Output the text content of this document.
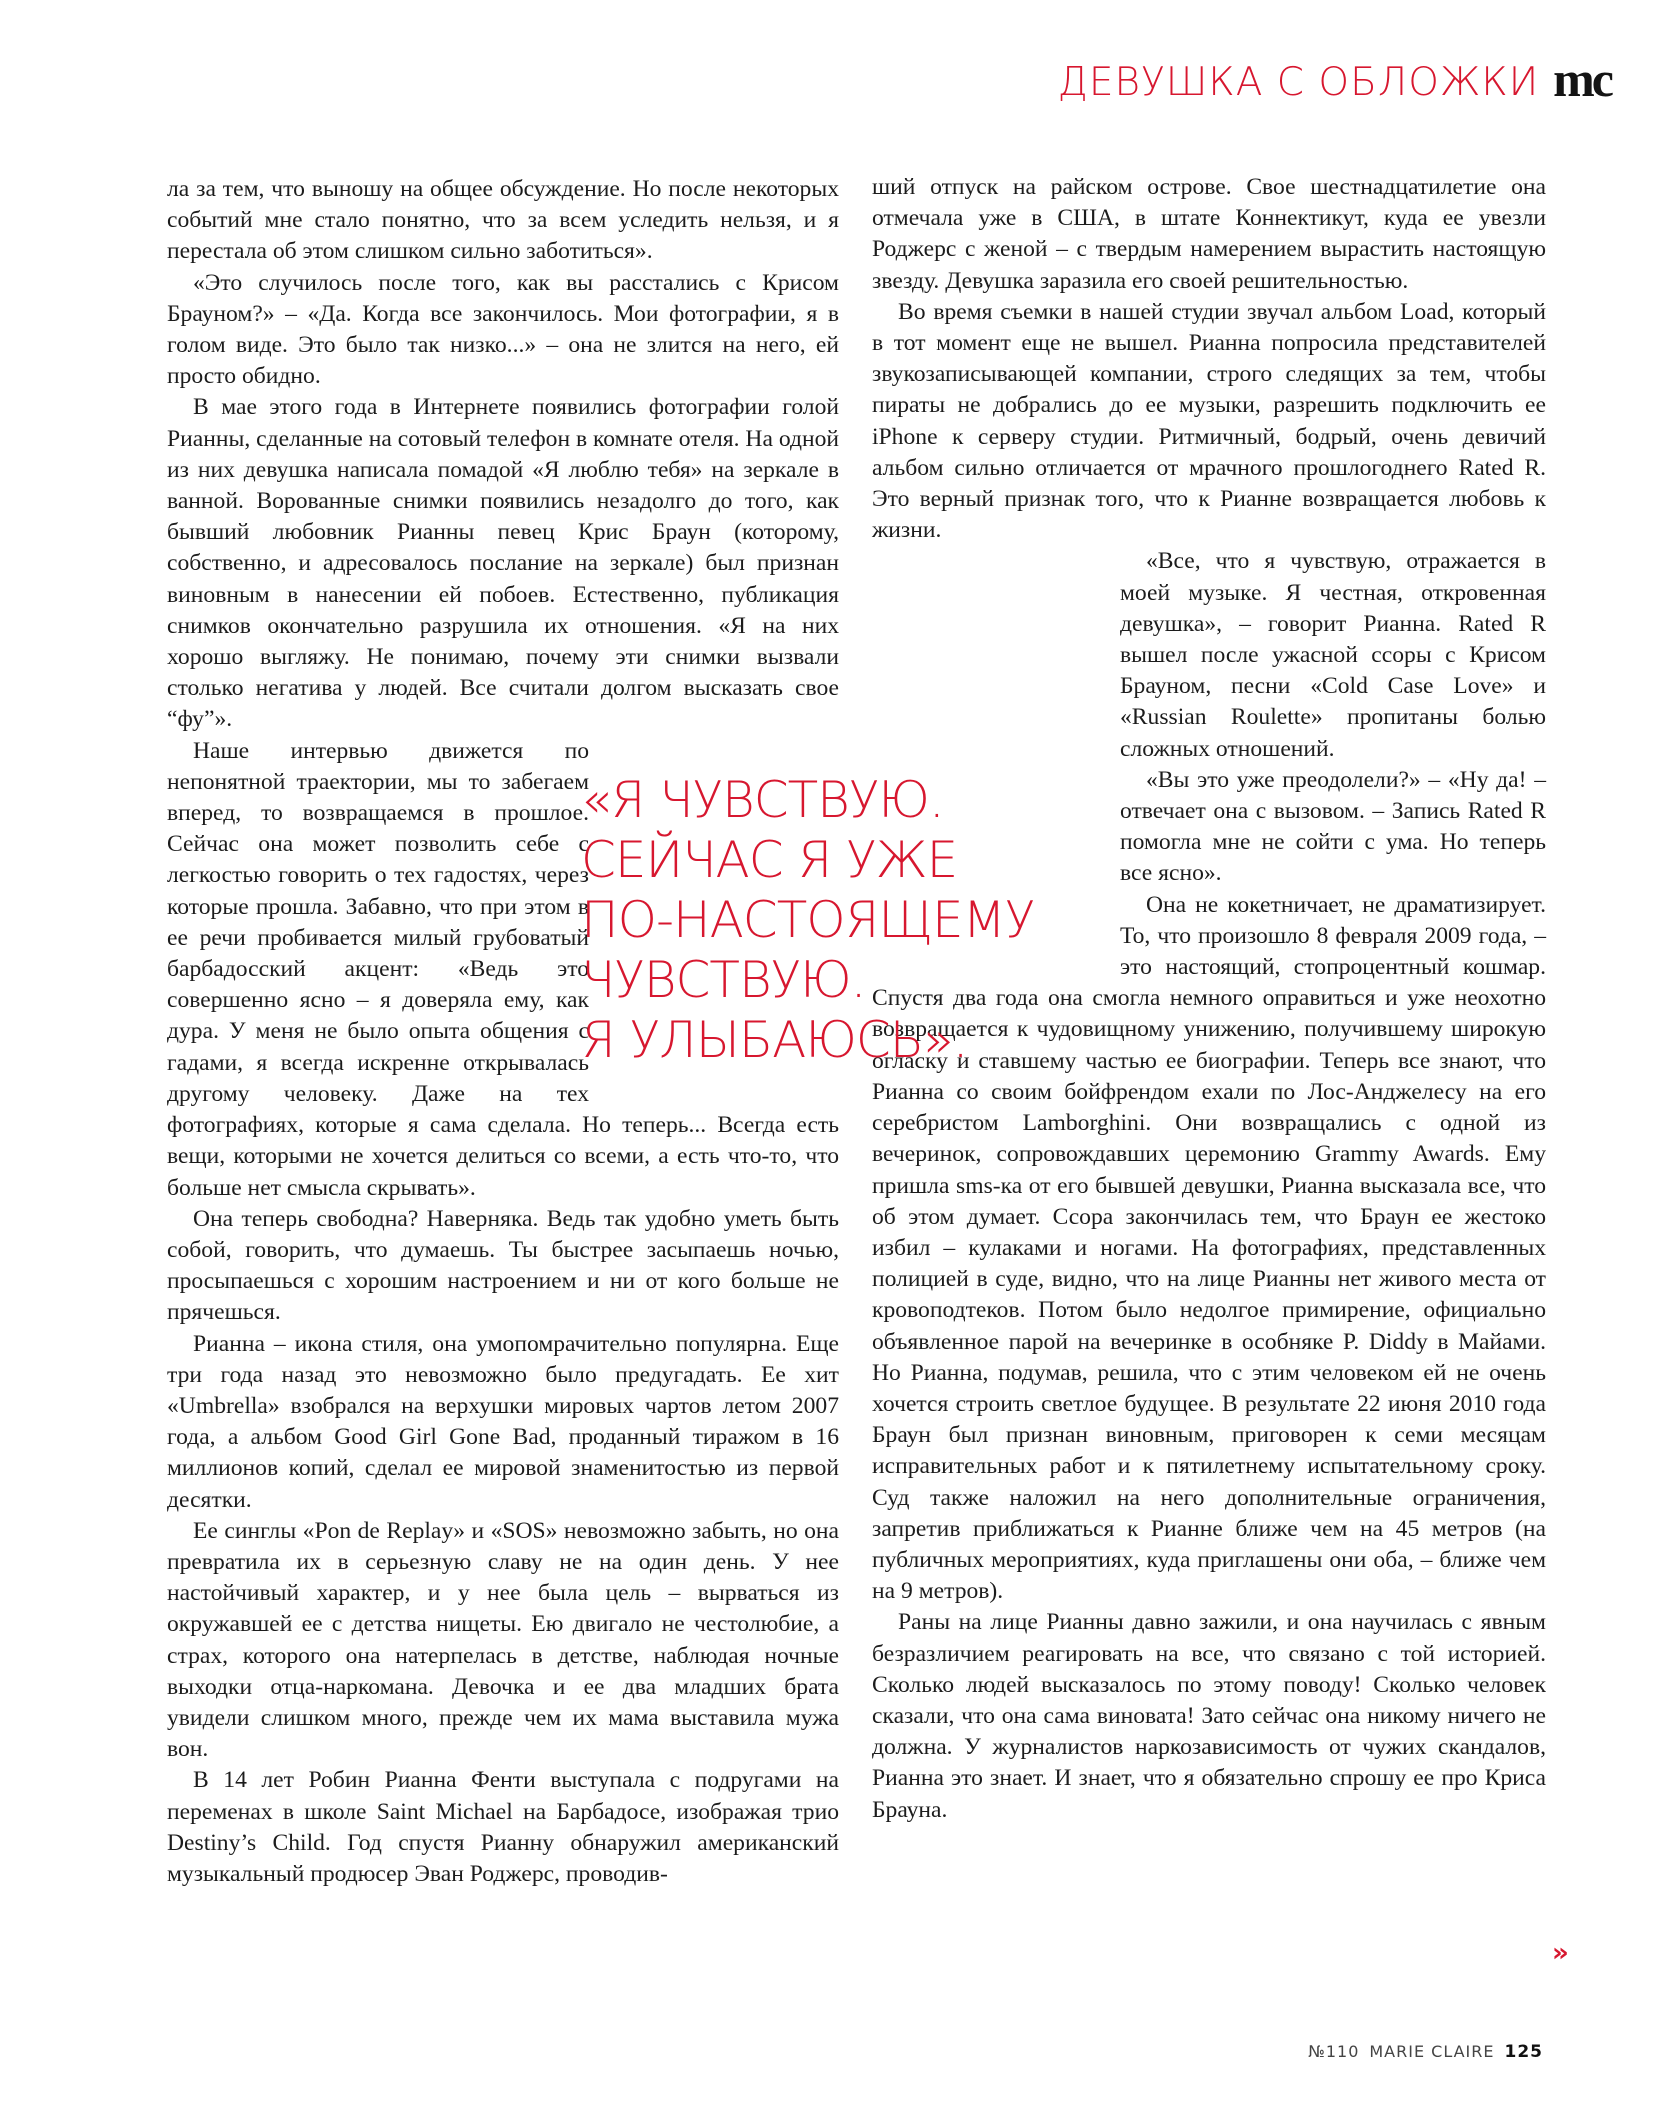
ДЕВУШКА С ОБЛОЖКИ mc

ла за тем, что выношу на общее обсуждение. Но после некоторых событий мне стало понятно, что за всем уследить нельзя, и я перестала об этом слишком сильно заботиться».

«Это случилось после того, как вы расстались с Крисом Брауном?» – «Да. Когда все закончилось. Мои фотографии, я в голом виде. Это было так низко...» – она не злится на него, ей просто обидно.

В мае этого года в Интернете появились фотографии голой Рианны, сделанные на сотовый телефон в комнате отеля. На одной из них девушка написала помадой «Я люблю тебя» на зеркале в ванной. Ворованные снимки появились незадолго до того, как бывший любовник Рианны певец Крис Браун (которому, собственно, и адресовалось послание на зеркале) был признан виновным в нанесении ей побоев. Естественно, публикация снимков окончательно разрушила их отношения. «Я на них хорошо выгляжу. Не понимаю, почему эти снимки вызвали столько негатива у людей. Все считали долгом высказать свое “фу”».

Наше интервью движется по непонятной траектории, мы то забегаем вперед, то возвращаемся в прошлое. Сейчас она может позволить себе с легкостью говорить о тех гадостях, через которые прошла. Забавно, что при этом в ее речи пробивается милый грубоватый барбадосский акцент: «Ведь это совершенно ясно – я доверяла ему, как дура. У меня не было опыта общения с гадами, я всегда искренне открывалась другому человеку. Даже на тех фотографиях, которые я сама сделала. Но теперь... Всегда есть вещи, которыми не хочется делиться со всеми, а есть что-то, что больше нет смысла скрывать».

Она теперь свободна? Наверняка. Ведь так удобно уметь быть собой, говорить, что думаешь. Ты быстрее засыпаешь ночью, просыпаешься с хорошим настроением и ни от кого больше не прячешься.

Рианна – икона стиля, она умопомрачительно популярна. Еще три года назад это невозможно было предугадать. Ее хит «Umbrella» взобрался на верхушки мировых чартов летом 2007 года, а альбом Good Girl Gone Bad, проданный тиражом в 16 миллионов копий, сделал ее мировой знаменитостью из первой десятки.

Ее синглы «Pon de Replay» и «SOS» невозможно забыть, но она превратила их в серьезную славу не на один день. У нее настойчивый характер, и у нее была цель – вырваться из окружавшей ее с детства нищеты. Ею двигало не честолюбие, а страх, которого она натерпелась в детстве, наблюдая ночные выходки отца-наркомана. Девочка и ее два младших брата увидели слишком много, прежде чем их мама выставила мужа вон.

В 14 лет Робин Рианна Фенти выступала с подругами на переменах в школе Saint Michael на Барбадосе, изображая трио Destiny’s Child. Год спустя Рианну обнаружил американский музыкальный продюсер Эван Роджерс, проводив-

ший отпуск на райском острове. Свое шестнадцатилетие она отмечала уже в США, в штате Коннектикут, куда ее увезли Роджерс с женой – с твердым намерением вырастить настоящую звезду. Девушка заразила его своей решительностью.

Во время съемки в нашей студии звучал альбом Load, который в тот момент еще не вышел. Рианна попросила представителей звукозаписывающей компании, строго следящих за тем, чтобы пираты не добрались до ее музыки, разрешить подключить ее iPhone к серверу студии. Ритмичный, бодрый, очень девичий альбом сильно отличается от мрачного прошлогоднего Rated R. Это верный признак того, что к Рианне возвращается любовь к жизни.

«Все, что я чувствую, отражается в моей музыке. Я честная, откровенная девушка», – говорит Рианна. Rated R вышел после ужасной ссоры с Крисом Брауном, песни «Cold Case Love» и «Russian Roulette» пропитаны болью сложных отношений.

«Вы это уже преодолели?» – «Ну да! – отвечает она с вызовом. – Запись Rated R помогла мне не сойти с ума. Но теперь все ясно».

Она не кокетничает, не драматизирует. То, что произошло 8 февраля 2009 года, – это настоящий, стопроцентный кошмар. Спустя два года она смогла немного оправиться и уже неохотно возвращается к чудовищному унижению, получившему широкую огласку и ставшему частью ее биографии. Теперь все знают, что Рианна со своим бойфрендом ехали по Лос-Анджелесу на его серебристом Lamborghini. Они возвращались с одной из вечеринок, сопровождавших церемонию Grammy Awards. Ему пришла sms-ка от его бывшей девушки, Рианна высказала все, что об этом думает. Ссора закончилась тем, что Браун ее жестоко избил – кулаками и ногами. На фотографиях, представленных полицией в суде, видно, что на лице Рианны нет живого места от кровоподтеков. Потом было недолгое примирение, официально объявленное парой на вечеринке в особняке P. Diddy в Майами. Но Рианна, подумав, решила, что с этим человеком ей не очень хочется строить светлое будущее. В результате 22 июня 2010 года Браун был признан виновным, приговорен к семи месяцам исправительных работ и к пятилетнему испытательному сроку. Суд также наложил на него дополнительные ограничения, запретив приближаться к Рианне ближе чем на 45 метров (на публичных мероприятиях, куда приглашены они оба, – ближе чем на 9 метров).

Раны на лице Рианны давно зажили, и она научилась с явным безразличием реагировать на все, что связано с той историей. Сколько людей высказалось по этому поводу! Сколько человек сказали, что она сама виновата! Зато сейчас она никому ничего не должна. У журналистов наркозависимость от чужих скандалов, Рианна это знает. И знает, что я обязательно спрошу ее про Криса Брауна.

«Я ЧУВСТВУЮ.
СЕЙЧАС Я УЖЕ
ПО-НАСТОЯЩЕМУ
ЧУВСТВУЮ.
Я УЛЫБАЮСЬ».
»
№110 MARIE CLAIRE 125
